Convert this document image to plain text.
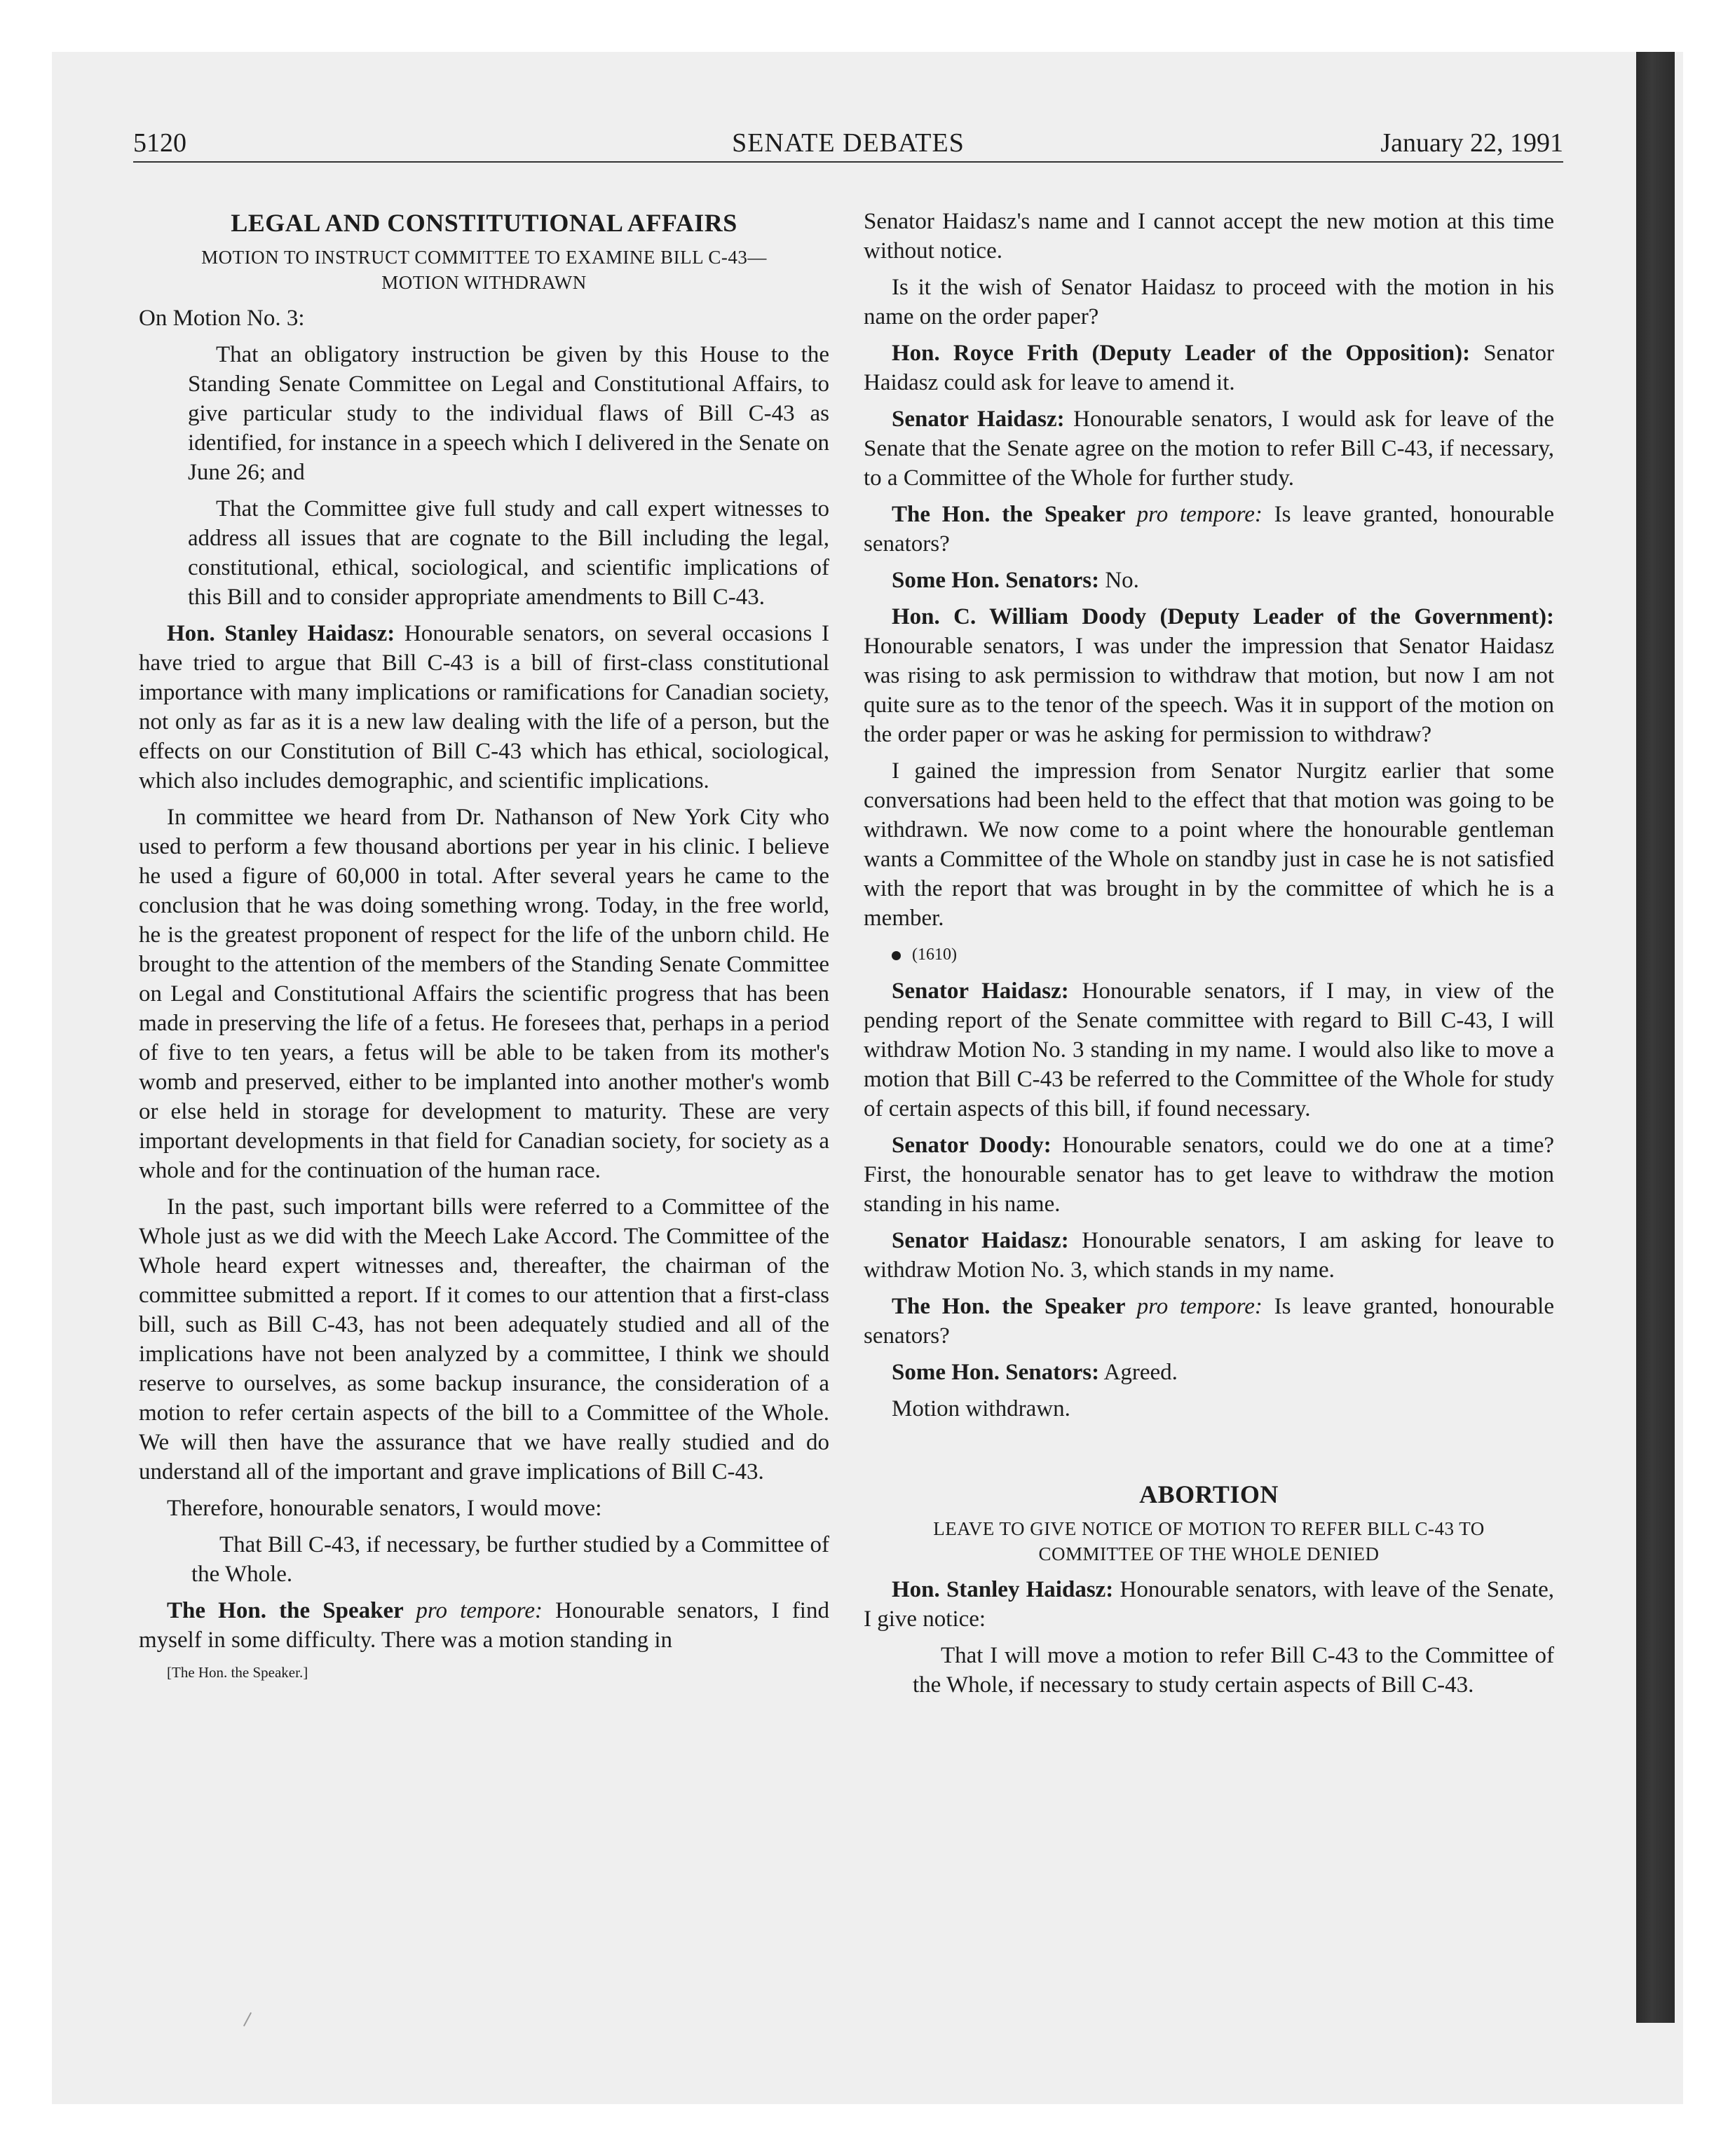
5120	SENATE DEBATES	January 22, 1991
LEGAL AND CONSTITUTIONAL AFFAIRS
MOTION TO INSTRUCT COMMITTEE TO EXAMINE BILL C-43—
MOTION WITHDRAWN

On Motion No. 3:

That an obligatory instruction be given by this House to the Standing Senate Committee on Legal and Constitutional Affairs, to give particular study to the individual flaws of Bill C-43 as identified, for instance in a speech which I delivered in the Senate on June 26; and

That the Committee give full study and call expert witnesses to address all issues that are cognate to the Bill including the legal, constitutional, ethical, sociological, and scientific implications of this Bill and to consider appropriate amendments to Bill C-43.

Hon. Stanley Haidasz: Honourable senators, on several occasions I have tried to argue that Bill C-43 is a bill of first-class constitutional importance with many implications or ramifications for Canadian society, not only as far as it is a new law dealing with the life of a person, but the effects on our Constitution of Bill C-43 which has ethical, sociological, which also includes demographic, and scientific implications.

In committee we heard from Dr. Nathanson of New York City who used to perform a few thousand abortions per year in his clinic. I believe he used a figure of 60,000 in total. After several years he came to the conclusion that he was doing something wrong. Today, in the free world, he is the greatest proponent of respect for the life of the unborn child. He brought to the attention of the members of the Standing Senate Committee on Legal and Constitutional Affairs the scientific progress that has been made in preserving the life of a fetus. He foresees that, perhaps in a period of five to ten years, a fetus will be able to be taken from its mother's womb and preserved, either to be implanted into another mother's womb or else held in storage for development to maturity. These are very important developments in that field for Canadian society, for society as a whole and for the continuation of the human race.

In the past, such important bills were referred to a Committee of the Whole just as we did with the Meech Lake Accord. The Committee of the Whole heard expert witnesses and, thereafter, the chairman of the committee submitted a report. If it comes to our attention that a first-class bill, such as Bill C-43, has not been adequately studied and all of the implications have not been analyzed by a committee, I think we should reserve to ourselves, as some backup insurance, the consideration of a motion to refer certain aspects of the bill to a Committee of the Whole. We will then have the assurance that we have really studied and do understand all of the important and grave implications of Bill C-43.

Therefore, honourable senators, I would move:

That Bill C-43, if necessary, be further studied by a Committee of the Whole.

The Hon. the Speaker pro tempore: Honourable senators, I find myself in some difficulty. There was a motion standing in

[The Hon. the Speaker.]

Senator Haidasz's name and I cannot accept the new motion at this time without notice.

Is it the wish of Senator Haidasz to proceed with the motion in his name on the order paper?

Hon. Royce Frith (Deputy Leader of the Opposition): Senator Haidasz could ask for leave to amend it.

Senator Haidasz: Honourable senators, I would ask for leave of the Senate that the Senate agree on the motion to refer Bill C-43, if necessary, to a Committee of the Whole for further study.

The Hon. the Speaker pro tempore: Is leave granted, honourable senators?

Some Hon. Senators: No.

Hon. C. William Doody (Deputy Leader of the Government): Honourable senators, I was under the impression that Senator Haidasz was rising to ask permission to withdraw that motion, but now I am not quite sure as to the tenor of the speech. Was it in support of the motion on the order paper or was he asking for permission to withdraw?

I gained the impression from Senator Nurgitz earlier that some conversations had been held to the effect that that motion was going to be withdrawn. We now come to a point where the honourable gentleman wants a Committee of the Whole on standby just in case he is not satisfied with the report that was brought in by the committee of which he is a member.

(1610)

Senator Haidasz: Honourable senators, if I may, in view of the pending report of the Senate committee with regard to Bill C-43, I will withdraw Motion No. 3 standing in my name. I would also like to move a motion that Bill C-43 be referred to the Committee of the Whole for study of certain aspects of this bill, if found necessary.

Senator Doody: Honourable senators, could we do one at a time? First, the honourable senator has to get leave to withdraw the motion standing in his name.

Senator Haidasz: Honourable senators, I am asking for leave to withdraw Motion No. 3, which stands in my name.

The Hon. the Speaker pro tempore: Is leave granted, honourable senators?

Some Hon. Senators: Agreed.

Motion withdrawn.

ABORTION
LEAVE TO GIVE NOTICE OF MOTION TO REFER BILL C-43 TO
COMMITTEE OF THE WHOLE DENIED

Hon. Stanley Haidasz: Honourable senators, with leave of the Senate, I give notice:

That I will move a motion to refer Bill C-43 to the Committee of the Whole, if necessary to study certain aspects of Bill C-43.
